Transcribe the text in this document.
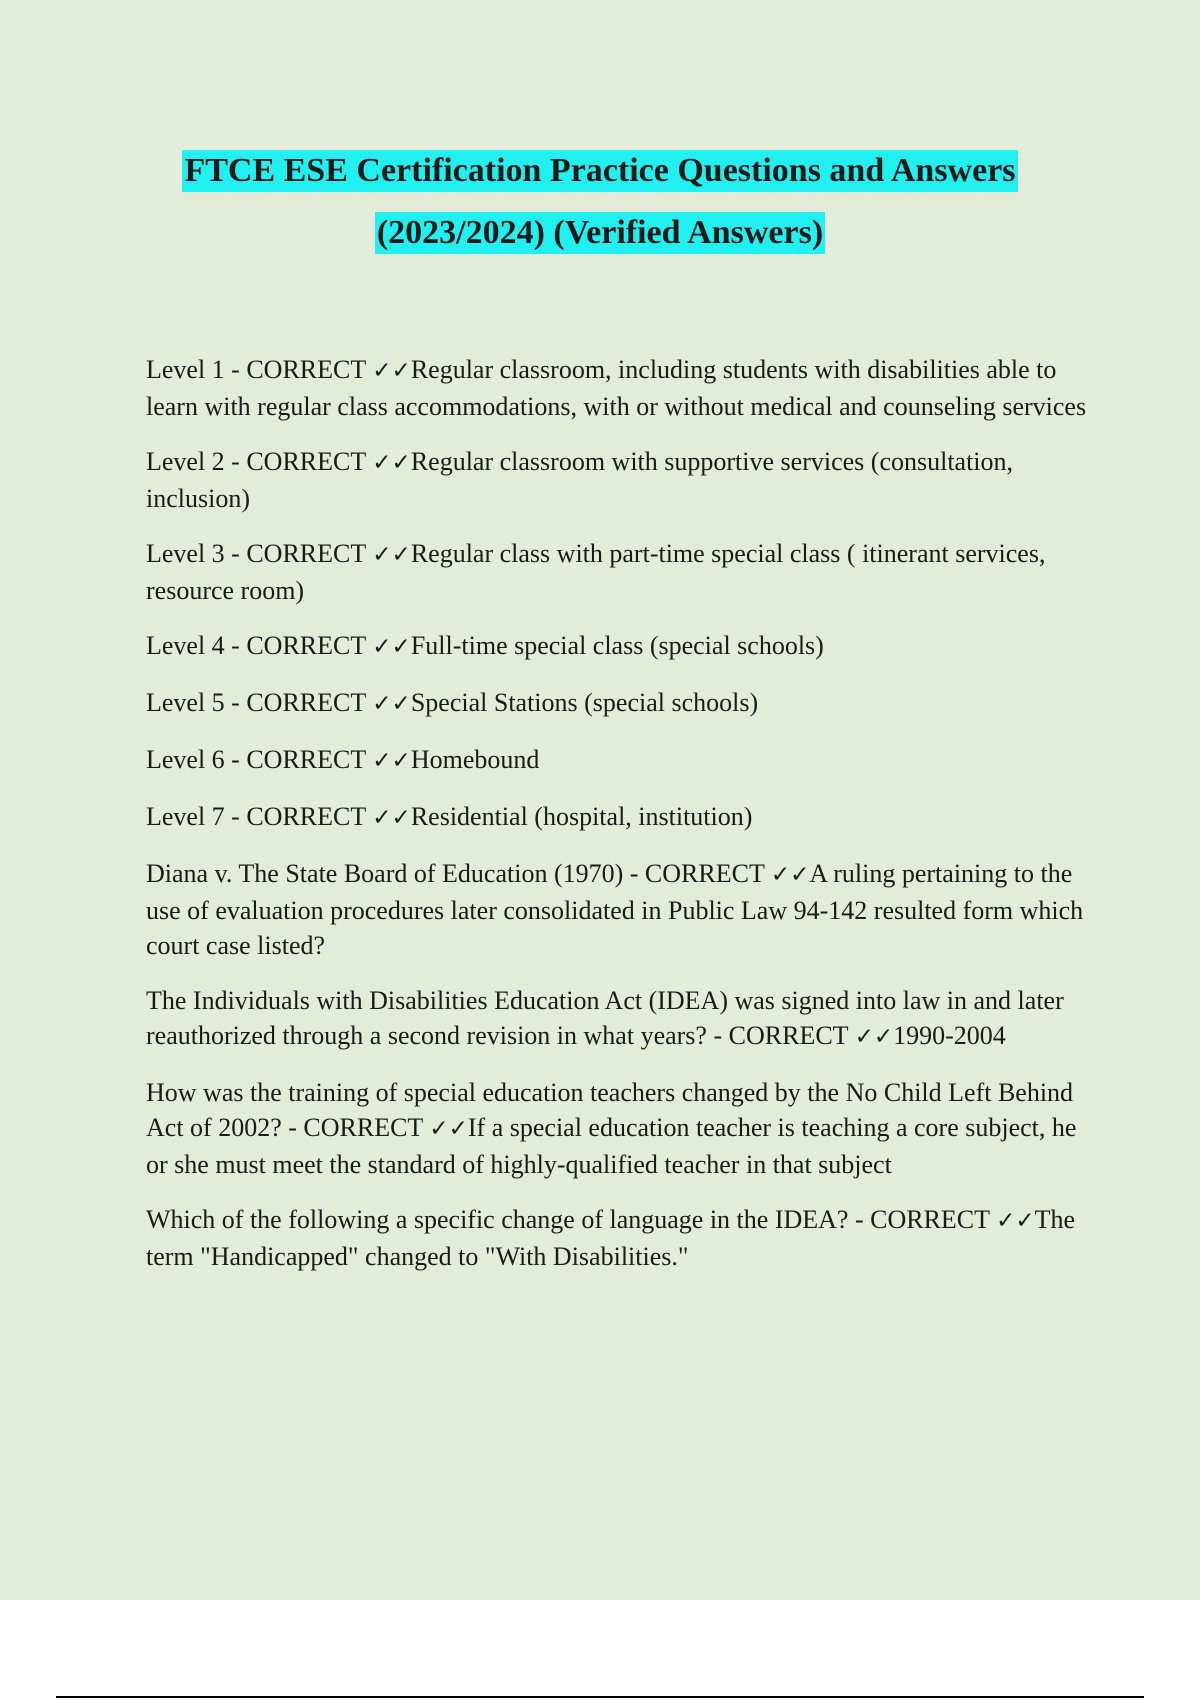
FTCE ESE Certification Practice Questions and Answers
(2023/2024) (Verified Answers)

Level 1 - CORRECT ✓✓Regular classroom, including students with disabilities able to learn with regular class accommodations, with or without medical and counseling services

Level 2 - CORRECT ✓✓Regular classroom with supportive services (consultation, inclusion)

Level 3 - CORRECT ✓✓Regular class with part-time special class ( itinerant services, resource room)

Level 4 - CORRECT ✓✓Full-time special class (special schools)

Level 5 - CORRECT ✓✓Special Stations (special schools)

Level 6 - CORRECT ✓✓Homebound

Level 7 - CORRECT ✓✓Residential (hospital, institution)

Diana v. The State Board of Education (1970) - CORRECT ✓✓A ruling pertaining to the use of evaluation procedures later consolidated in Public Law 94-142 resulted form which court case listed?

The Individuals with Disabilities Education Act (IDEA) was signed into law in and later reauthorized through a second revision in what years? - CORRECT ✓✓1990-2004

How was the training of special education teachers changed by the No Child Left Behind Act of 2002? - CORRECT ✓✓If a special education teacher is teaching a core subject, he or she must meet the standard of highly-qualified teacher in that subject

Which of the following a specific change of language in the IDEA? - CORRECT ✓✓The term "Handicapped" changed to "With Disabilities."
